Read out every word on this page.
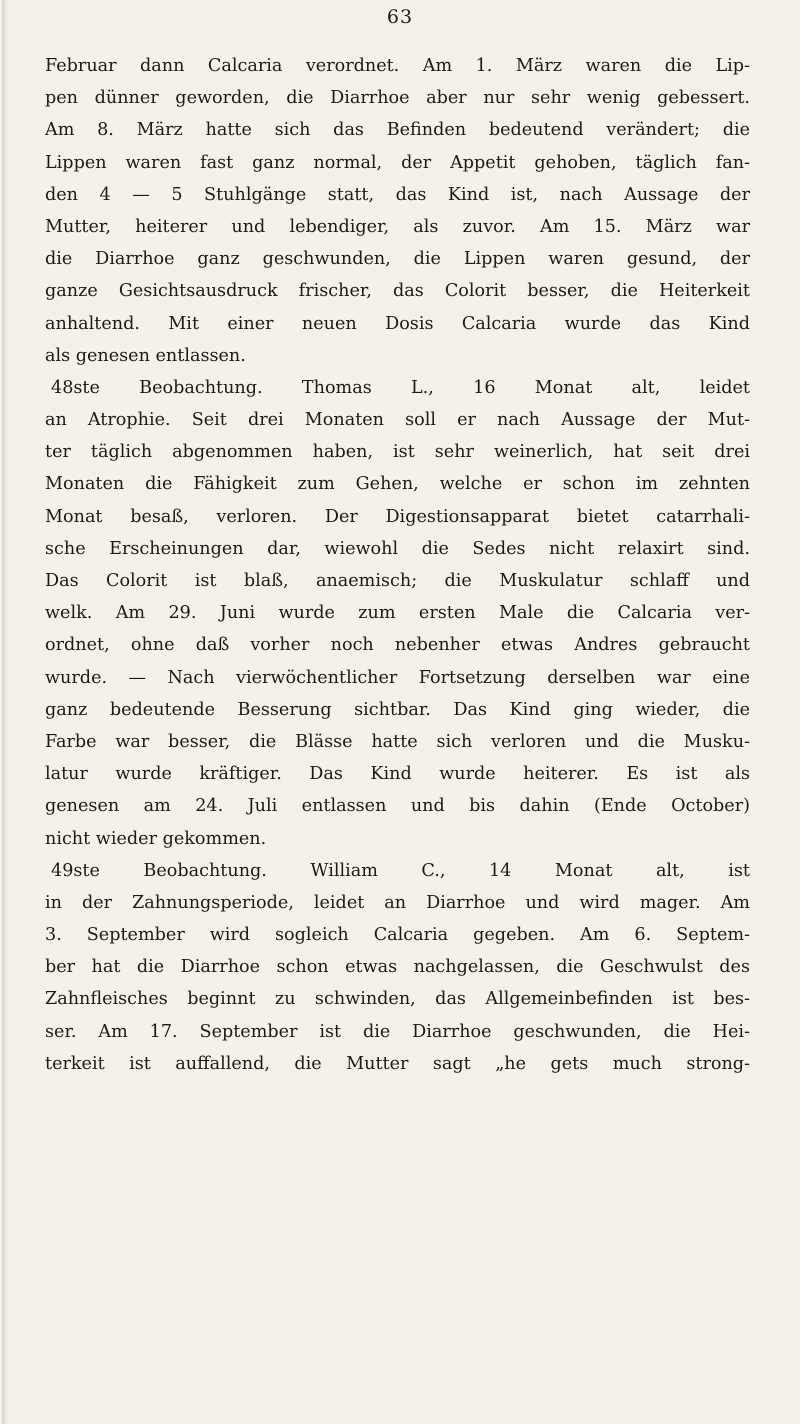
63
Februar dann Calcaria verordnet. Am 1. März waren die Lip-
pen dünner geworden, die Diarrhoe aber nur sehr wenig gebessert.
Am 8. März hatte sich das Befinden bedeutend verändert; die
Lippen waren fast ganz normal, der Appetit gehoben, täglich fan-
den 4 — 5 Stuhlgänge statt, das Kind ist, nach Aussage der
Mutter, heiterer und lebendiger, als zuvor. Am 15. März war
die Diarrhoe ganz geschwunden, die Lippen waren gesund, der
ganze Gesichtsausdruck frischer, das Colorit besser, die Heiterkeit
anhaltend. Mit einer neuen Dosis Calcaria wurde das Kind
als genesen entlassen.
48ste Beobachtung. Thomas L., 16 Monat alt, leidet
an Atrophie. Seit drei Monaten soll er nach Aussage der Mut-
ter täglich abgenommen haben, ist sehr weinerlich, hat seit drei
Monaten die Fähigkeit zum Gehen, welche er schon im zehnten
Monat besaß, verloren. Der Digestionsapparat bietet catarrhali-
sche Erscheinungen dar, wiewohl die Sedes nicht relaxirt sind.
Das Colorit ist blaß, anaemisch; die Muskulatur schlaff und
welk. Am 29. Juni wurde zum ersten Male die Calcaria ver-
ordnet, ohne daß vorher noch nebenher etwas Andres gebraucht
wurde. — Nach vierwöchentlicher Fortsetzung derselben war eine
ganz bedeutende Besserung sichtbar. Das Kind ging wieder, die
Farbe war besser, die Blässe hatte sich verloren und die Musku-
latur wurde kräftiger. Das Kind wurde heiterer. Es ist als
genesen am 24. Juli entlassen und bis dahin (Ende October)
nicht wieder gekommen.
49ste Beobachtung. William C., 14 Monat alt, ist
in der Zahnungsperiode, leidet an Diarrhoe und wird mager. Am
3. September wird sogleich Calcaria gegeben. Am 6. Septem-
ber hat die Diarrhoe schon etwas nachgelassen, die Geschwulst des
Zahnfleisches beginnt zu schwinden, das Allgemeinbefinden ist bes-
ser. Am 17. September ist die Diarrhoe geschwunden, die Hei-
terkeit ist auffallend, die Mutter sagt „he gets much strong-
